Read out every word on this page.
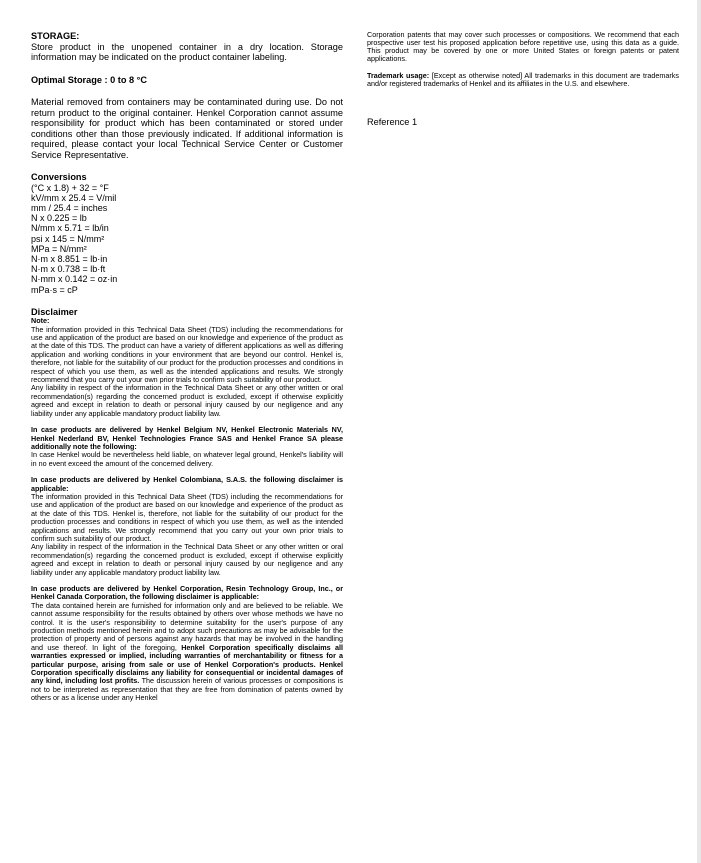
STORAGE:

Store product in the unopened container in a dry location. Storage information may be indicated on the product container labeling.

Optimal Storage : 0 to 8 °C

Material removed from containers may be contaminated during use. Do not return product to the original container. Henkel Corporation cannot assume responsibility for product which has been contaminated or stored under conditions other than those previously indicated. If additional information is required, please contact your local Technical Service Center or Customer Service Representative.

Conversions

(°C x 1.8) + 32 = °F

kV/mm x 25.4 = V/mil

mm / 25.4 = inches

N x 0.225 = lb

N/mm x 5.71 = lb/in

psi x 145 = N/mm²

MPa = N/mm²

N·m x 8.851 = lb·in

N·m x 0.738 = lb·ft

N·mm x 0.142 = oz·in

mPa·s = cP

Disclaimer

Note:

The information provided in this Technical Data Sheet (TDS) including the recommendations for use and application of the product are based on our knowledge and experience of the product as at the date of this TDS. The product can have a variety of different applications as well as differing application and working conditions in your environment that are beyond our control. Henkel is, therefore, not liable for the suitability of our product for the production processes and conditions in respect of which you use them, as well as the intended applications and results. We strongly recommend that you carry out your own prior trials to confirm such suitability of our product.

Any liability in respect of the information in the Technical Data Sheet or any other written or oral recommendation(s) regarding the concerned product is excluded, except if otherwise explicitly agreed and except in relation to death or personal injury caused by our negligence and any liability under any applicable mandatory product liability law.

In case products are delivered by Henkel Belgium NV, Henkel Electronic Materials NV, Henkel Nederland BV, Henkel Technologies France SAS and Henkel France SA please additionally note the following:

In case Henkel would be nevertheless held liable, on whatever legal ground, Henkel's liability will in no event exceed the amount of the concerned delivery.

In case products are delivered by Henkel Colombiana, S.A.S. the following disclaimer is applicable:

The information provided in this Technical Data Sheet (TDS) including the recommendations for use and application of the product are based on our knowledge and experience of the product as at the date of this TDS. Henkel is, therefore, not liable for the suitability of our product for the production processes and conditions in respect of which you use them, as well as the intended applications and results. We strongly recommend that you carry out your own prior trials to confirm such suitability of our product.

Any liability in respect of the information in the Technical Data Sheet or any other written or oral recommendation(s) regarding the concerned product is excluded, except if otherwise explicitly agreed and except in relation to death or personal injury caused by our negligence and any liability under any applicable mandatory product liability law.

In case products are delivered by Henkel Corporation, Resin Technology Group, Inc., or Henkel Canada Corporation, the following disclaimer is applicable:

The data contained herein are furnished for information only and are believed to be reliable. We cannot assume responsibility for the results obtained by others over whose methods we have no control. It is the user's responsibility to determine suitability for the user's purpose of any production methods mentioned herein and to adopt such precautions as may be advisable for the protection of property and of persons against any hazards that may be involved in the handling and use thereof. In light of the foregoing, Henkel Corporation specifically disclaims all warranties expressed or implied, including warranties of merchantability or fitness for a particular purpose, arising from sale or use of Henkel Corporation's products. Henkel Corporation specifically disclaims any liability for consequential or incidental damages of any kind, including lost profits. The discussion herein of various processes or compositions is not to be interpreted as representation that they are free from domination of patents owned by others or as a license under any Henkel

Corporation patents that may cover such processes or compositions. We recommend that each prospective user test his proposed application before repetitive use, using this data as a guide. This product may be covered by one or more United States or foreign patents or patent applications.

Trademark usage: [Except as otherwise noted] All trademarks in this document are trademarks and/or registered trademarks of Henkel and its affiliates in the U.S. and elsewhere.

Reference 1
